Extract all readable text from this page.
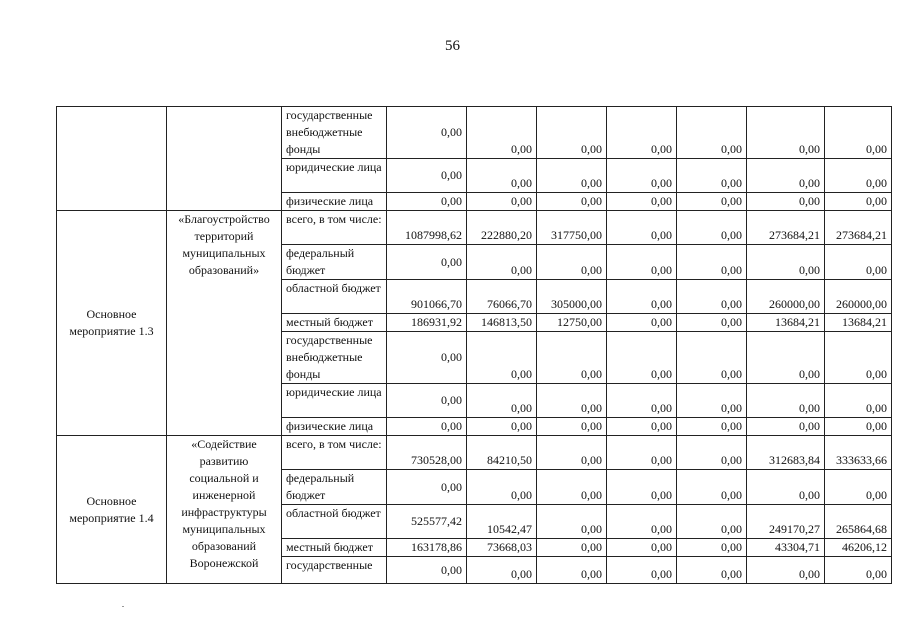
56
		государственные внебюджетные фонды	0,00	0,00	0,00	0,00	0,00	0,00	0,00
		юридические лица	0,00	0,00	0,00	0,00	0,00	0,00	0,00
		физические лица	0,00	0,00	0,00	0,00	0,00	0,00	0,00
Основное мероприятие 1.3	«Благоустройство территорий муниципальных образований»	всего, в том числе:	1087998,62	222880,20	317750,00	0,00	0,00	273684,21	273684,21
		федеральный бюджет	0,00	0,00	0,00	0,00	0,00	0,00	0,00
		областной бюджет	901066,70	76066,70	305000,00	0,00	0,00	260000,00	260000,00
		местный бюджет	186931,92	146813,50	12750,00	0,00	0,00	13684,21	13684,21
		государственные внебюджетные фонды	0,00	0,00	0,00	0,00	0,00	0,00	0,00
		юридические лица	0,00	0,00	0,00	0,00	0,00	0,00	0,00
		физические лица	0,00	0,00	0,00	0,00	0,00	0,00	0,00
Основное мероприятие 1.4	«Содействие развитию социальной и инженерной инфраструктуры муниципальных образований Воронежской	всего, в том числе:	730528,00	84210,50	0,00	0,00	0,00	312683,84	333633,66
		федеральный бюджет	0,00	0,00	0,00	0,00	0,00	0,00	0,00
		областной бюджет	525577,42	10542,47	0,00	0,00	0,00	249170,27	265864,68
		местный бюджет	163178,86	73668,03	0,00	0,00	0,00	43304,71	46206,12
		государственные	0,00	0,00	0,00	0,00	0,00	0,00	0,00
